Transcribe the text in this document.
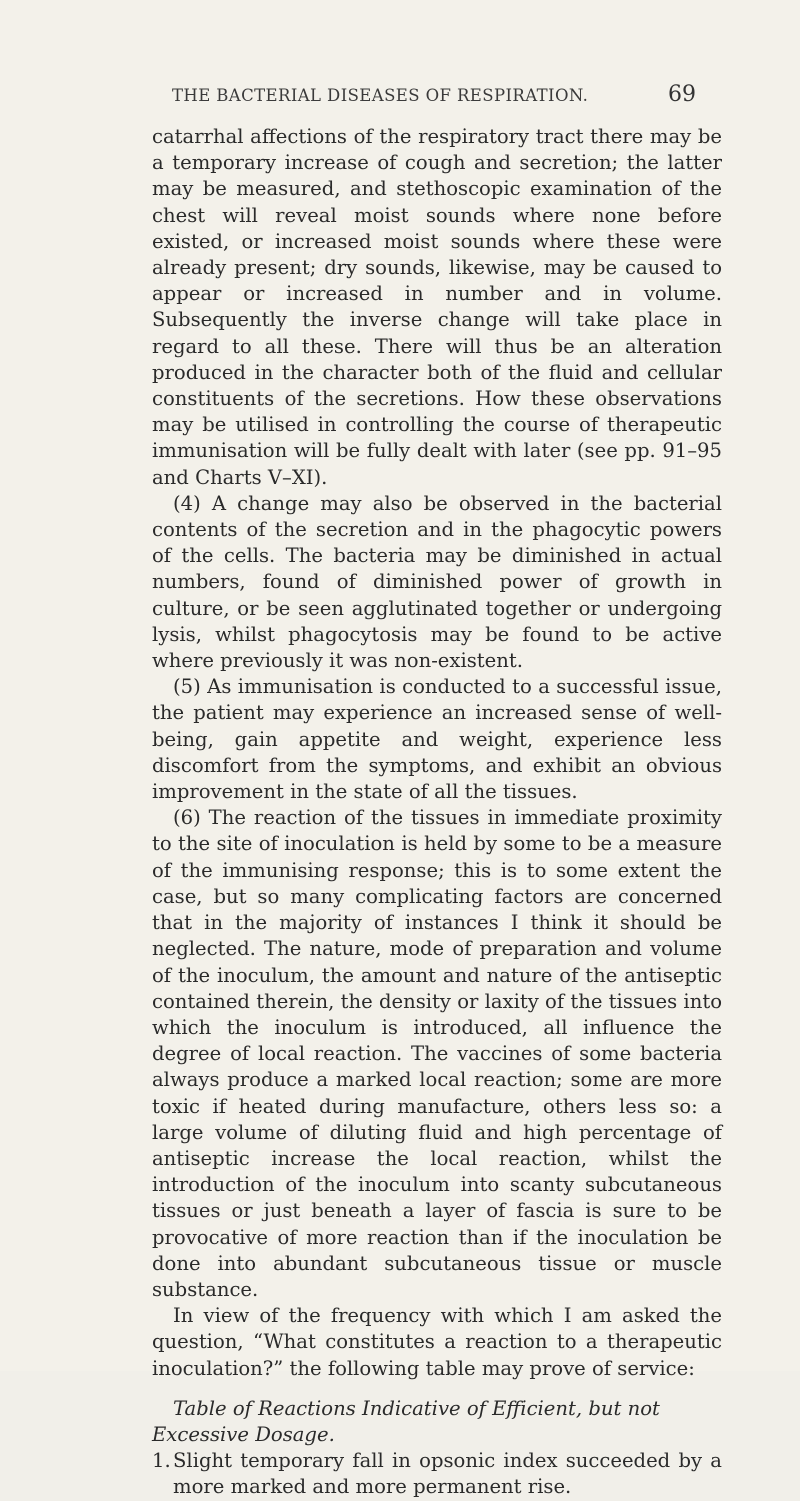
THE BACTERIAL DISEASES OF RESPIRATION.	69

catarrhal affections of the respiratory tract there may be a temporary increase of cough and secretion; the latter may be measured, and stethoscopic examination of the chest will reveal moist sounds where none before existed, or increased moist sounds where these were already present; dry sounds, likewise, may be caused to appear or increased in number and in volume. Subsequently the inverse change will take place in regard to all these. There will thus be an alteration produced in the character both of the fluid and cellular constituents of the secretions. How these observations may be utilised in controlling the course of therapeutic immunisation will be fully dealt with later (see pp. 91–95 and Charts V–XI).

(4) A change may also be observed in the bacterial contents of the secretion and in the phagocytic powers of the cells. The bacteria may be diminished in actual numbers, found of diminished power of growth in culture, or be seen agglutinated together or undergoing lysis, whilst phagocytosis may be found to be active where previously it was non-existent.

(5) As immunisation is conducted to a successful issue, the patient may experience an increased sense of well-being, gain appetite and weight, experience less discomfort from the symptoms, and exhibit an obvious improvement in the state of all the tissues.

(6) The reaction of the tissues in immediate proximity to the site of inoculation is held by some to be a measure of the immunising response; this is to some extent the case, but so many complicating factors are concerned that in the majority of instances I think it should be neglected. The nature, mode of preparation and volume of the inoculum, the amount and nature of the antiseptic contained therein, the density or laxity of the tissues into which the inoculum is introduced, all influence the degree of local reaction. The vaccines of some bacteria always produce a marked local reaction; some are more toxic if heated during manufacture, others less so: a large volume of diluting fluid and high percentage of antiseptic increase the local reaction, whilst the introduction of the inoculum into scanty subcutaneous tissues or just beneath a layer of fascia is sure to be provocative of more reaction than if the inoculation be done into abundant subcutaneous tissue or muscle substance.

In view of the frequency with which I am asked the question, “What constitutes a reaction to a therapeutic inoculation?” the following table may prove of service:

Table of Reactions Indicative of Efficient, but not Excessive Dosage.
1. Slight temporary fall in opsonic index succeeded by a more marked and more permanent rise.
